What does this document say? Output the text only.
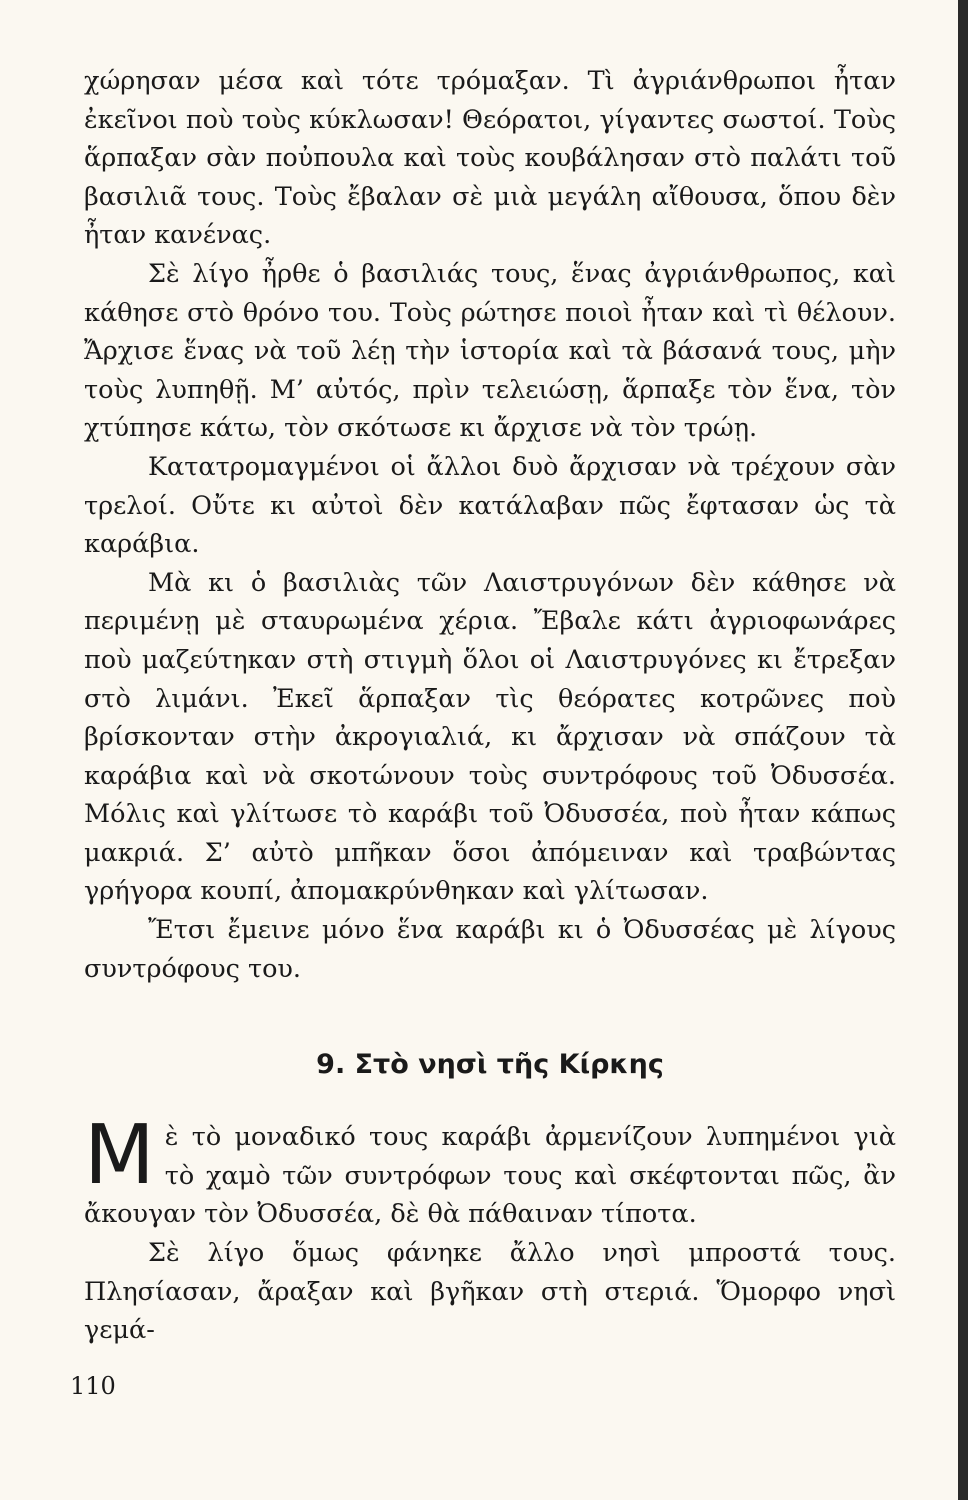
χώρησαν μέσα καὶ τότε τρόμαξαν. Τὶ ἀγριάνθρωποι ἦταν ἐκεῖνοι ποὺ τοὺς κύκλωσαν! Θεόρατοι, γίγαντες σωστοί. Τοὺς ἅρπαξαν σὰν ποὐπουλα καὶ τοὺς κουβάλησαν στὸ παλάτι τοῦ βασιλιᾶ τους. Τοὺς ἔβαλαν σὲ μιὰ μεγάλη αἴθουσα, ὅπου δὲν ἦταν κανένας.

Σὲ λίγο ἦρθε ὁ βασιλιάς τους, ἕνας ἀγριάνθρωπος, καὶ κάθησε στὸ θρόνο του. Τοὺς ρώτησε ποιοὶ ἦταν καὶ τὶ θέλουν. Ἄρχισε ἕνας νὰ τοῦ λέῃ τὴν ἱστορία καὶ τὰ βάσανά τους, μὴν τοὺς λυπηθῇ. Μ’ αὐτός, πρὶν τελειώσῃ, ἅρπαξε τὸν ἕνα, τὸν χτύπησε κάτω, τὸν σκότωσε κι ἄρχισε νὰ τὸν τρώῃ.

Κατατρομαγμένοι οἱ ἄλλοι δυὸ ἄρχισαν νὰ τρέχουν σὰν τρελοί. Οὔτε κι αὐτοὶ δὲν κατάλαβαν πῶς ἔφτασαν ὡς τὰ καράβια.

Μὰ κι ὁ βασιλιὰς τῶν Λαιστρυγόνων δὲν κάθησε νὰ περιμένῃ μὲ σταυρωμένα χέρια. Ἔβαλε κάτι ἀγριοφωνάρες ποὺ μαζεύτηκαν στὴ στιγμὴ ὅλοι οἱ Λαιστρυγόνες κι ἔτρεξαν στὸ λιμάνι. Ἐκεῖ ἅρπαξαν τὶς θεόρατες κοτρῶνες ποὺ βρίσκονταν στὴν ἀκρογιαλιά, κι ἄρχισαν νὰ σπάζουν τὰ καράβια καὶ νὰ σκοτώνουν τοὺς συντρόφους τοῦ Ὀδυσσέα. Μόλις καὶ γλίτωσε τὸ καράβι τοῦ Ὀδυσσέα, ποὺ ἦταν κάπως μακριά. Σ’ αὐτὸ μπῆκαν ὅσοι ἀπόμειναν καὶ τραβώντας γρήγορα κουπί, ἀπομακρύνθηκαν καὶ γλίτωσαν.

Ἔτσι ἔμεινε μόνο ἕνα καράβι κι ὁ Ὀδυσσέας μὲ λίγους συντρόφους του.

9. Στὸ νησὶ τῆς Κίρκης

Μὲ τὸ μοναδικό τους καράβι ἀρμενίζουν λυπημένοι γιὰ τὸ χαμὸ τῶν συντρόφων τους καὶ σκέφτονται πῶς, ἂν ἄκουγαν τὸν Ὀδυσσέα, δὲ θὰ πάθαιναν τίποτα.

Σὲ λίγο ὅμως φάνηκε ἄλλο νησὶ μπροστά τους. Πλησίασαν, ἄραξαν καὶ βγῆκαν στὴ στεριά. Ὅμορφο νησὶ γεμά-

110
